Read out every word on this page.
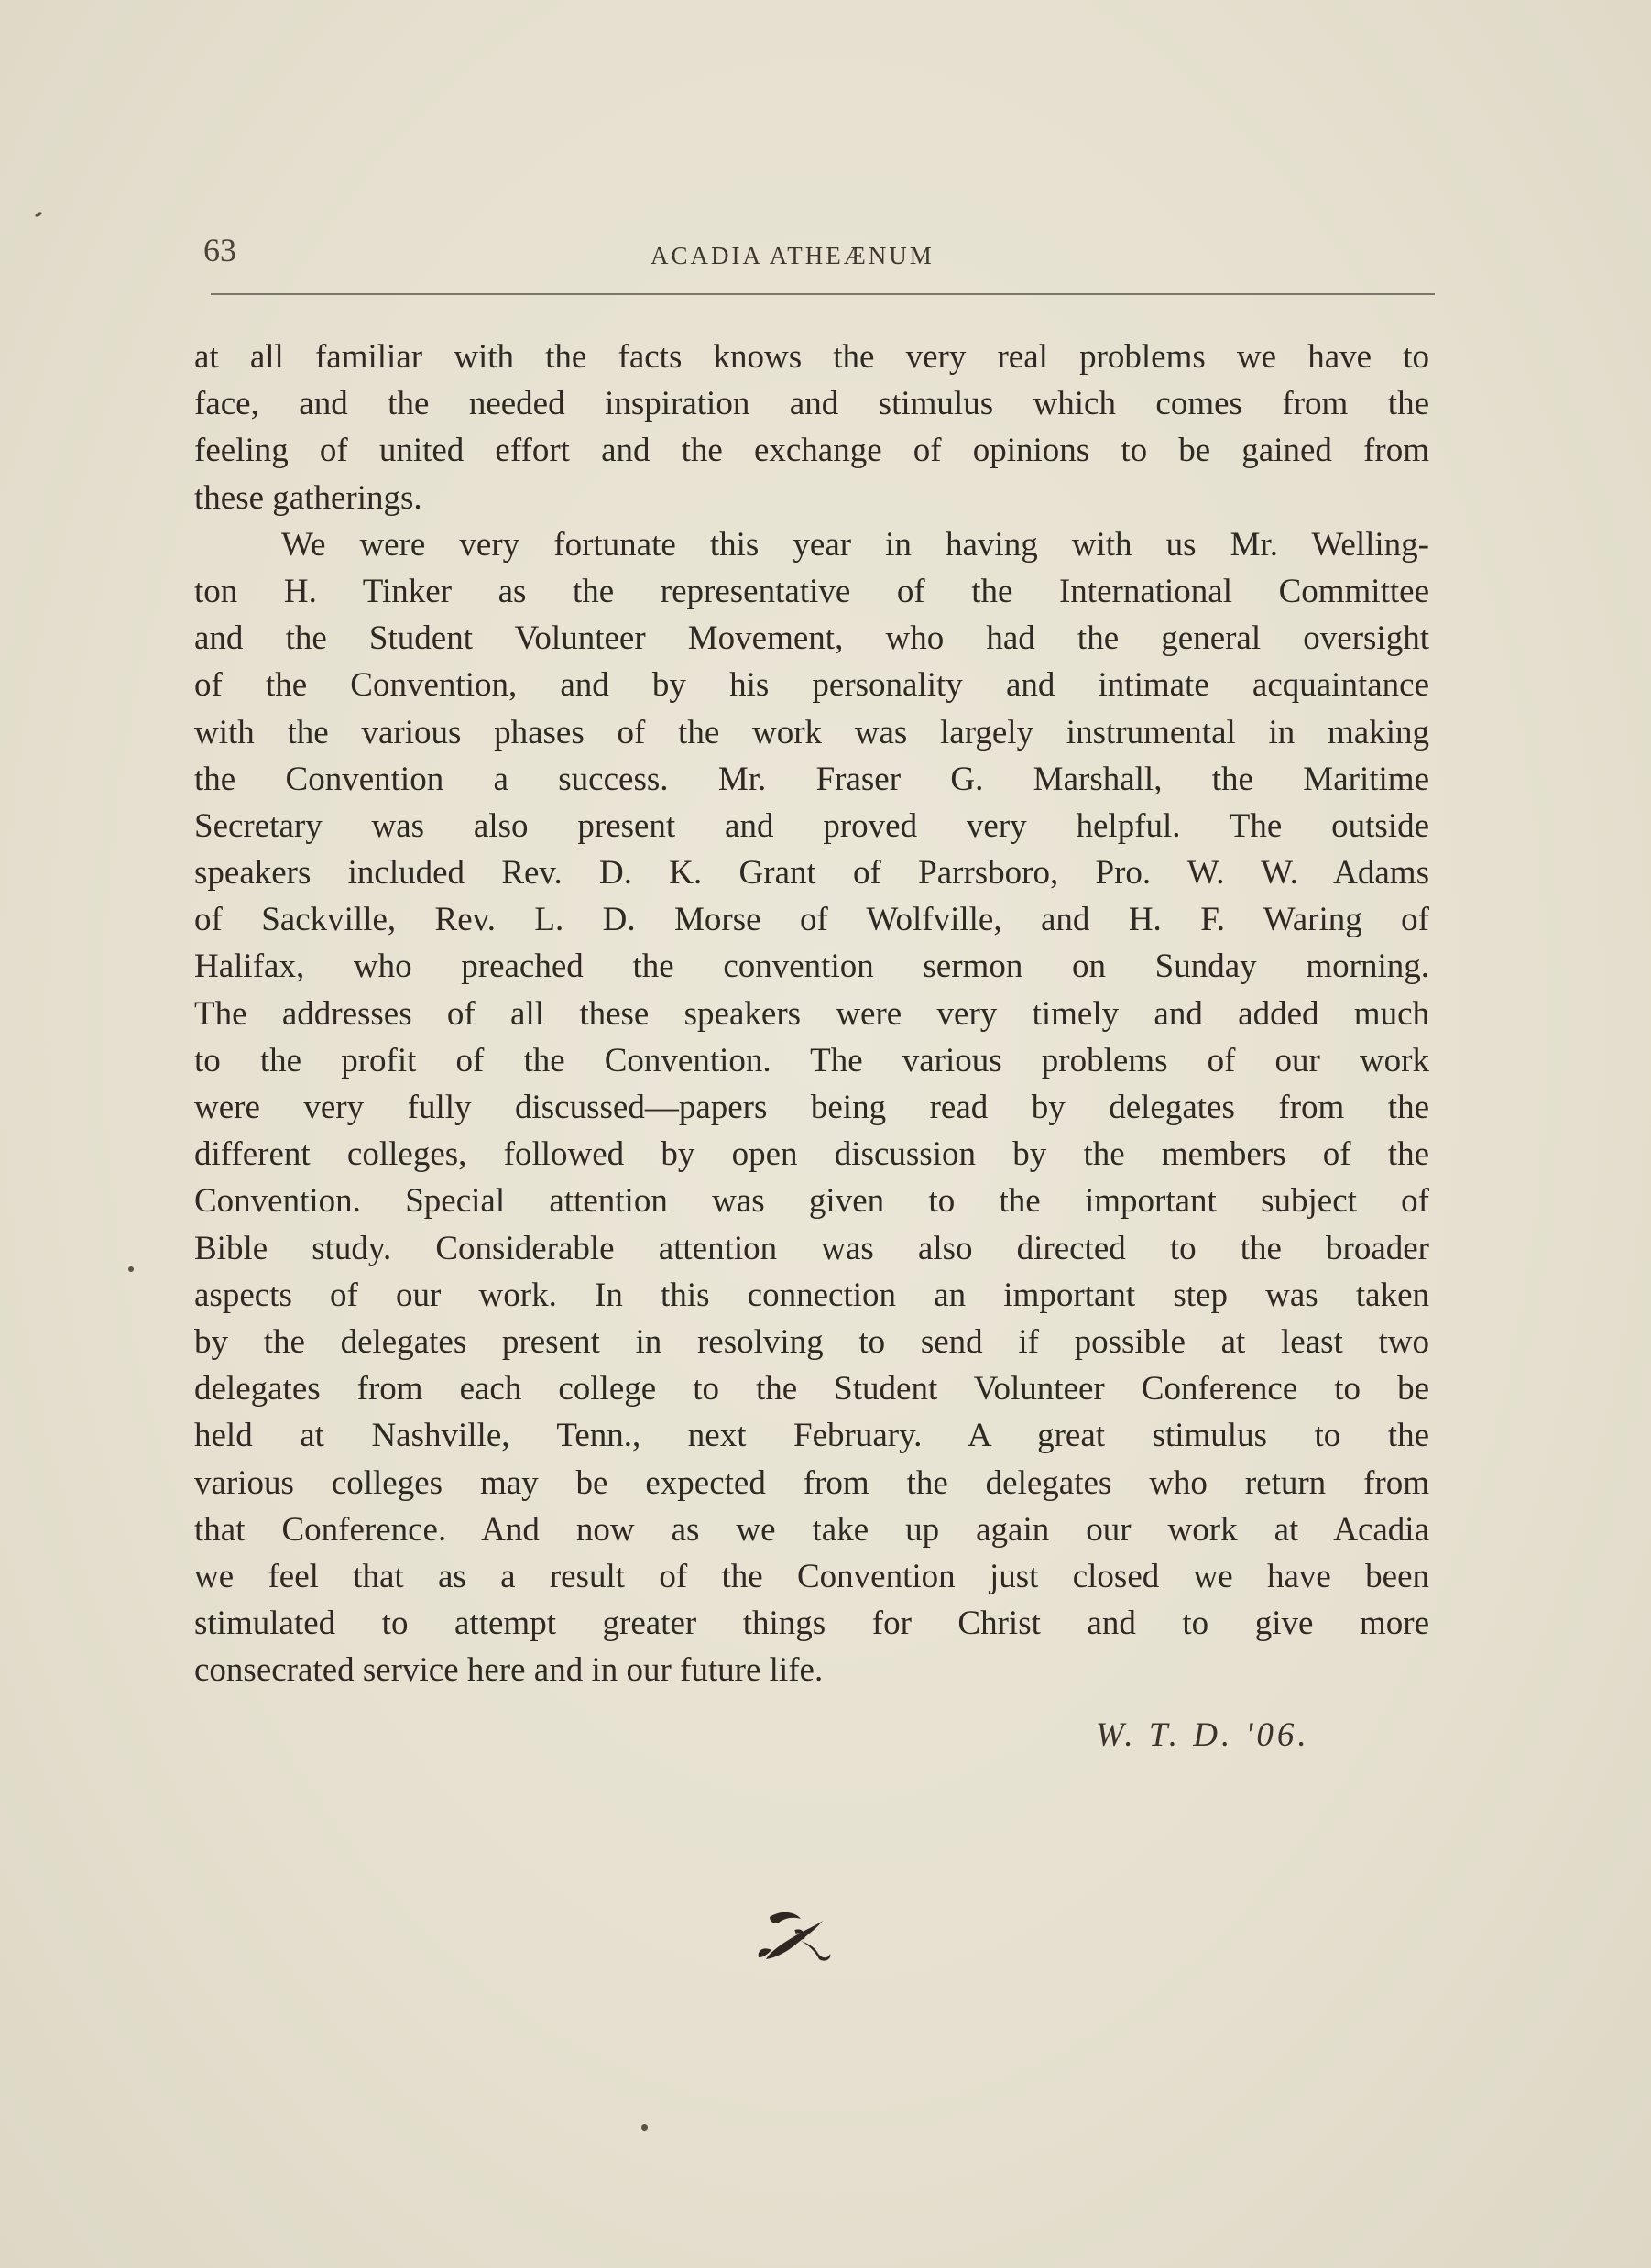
63	ACADIA ATHEÆNUM
at all familiar with the facts knows the very real problems we have to
face, and the needed inspiration and stimulus which comes from the
feeling of united effort and the exchange of opinions to be gained from
these gatherings.
We were very fortunate this year in having with us Mr. Welling-
ton H. Tinker as the representative of the International Committee
and the Student Volunteer Movement, who had the general oversight
of the Convention, and by his personality and intimate acquaintance
with the various phases of the work was largely instrumental in making
the Convention a success. Mr. Fraser G. Marshall, the Maritime
Secretary was also present and proved very helpful. The outside
speakers included Rev. D. K. Grant of Parrsboro, Pro. W. W. Adams
of Sackville, Rev. L. D. Morse of Wolfville, and H. F. Waring of
Halifax, who preached the convention sermon on Sunday morning.
The addresses of all these speakers were very timely and added much
to the profit of the Convention. The various problems of our work
were very fully discussed—papers being read by delegates from the
different colleges, followed by open discussion by the members of the
Convention. Special attention was given to the important subject of
Bible study. Considerable attention was also directed to the broader
aspects of our work. In this connection an important step was taken
by the delegates present in resolving to send if possible at least two
delegates from each college to the Student Volunteer Conference to be
held at Nashville, Tenn., next February. A great stimulus to the
various colleges may be expected from the delegates who return from
that Conference. And now as we take up again our work at Acadia
we feel that as a result of the Convention just closed we have been
stimulated to attempt greater things for Christ and to give more
consecrated service here and in our future life.
W. T. D. '06.
